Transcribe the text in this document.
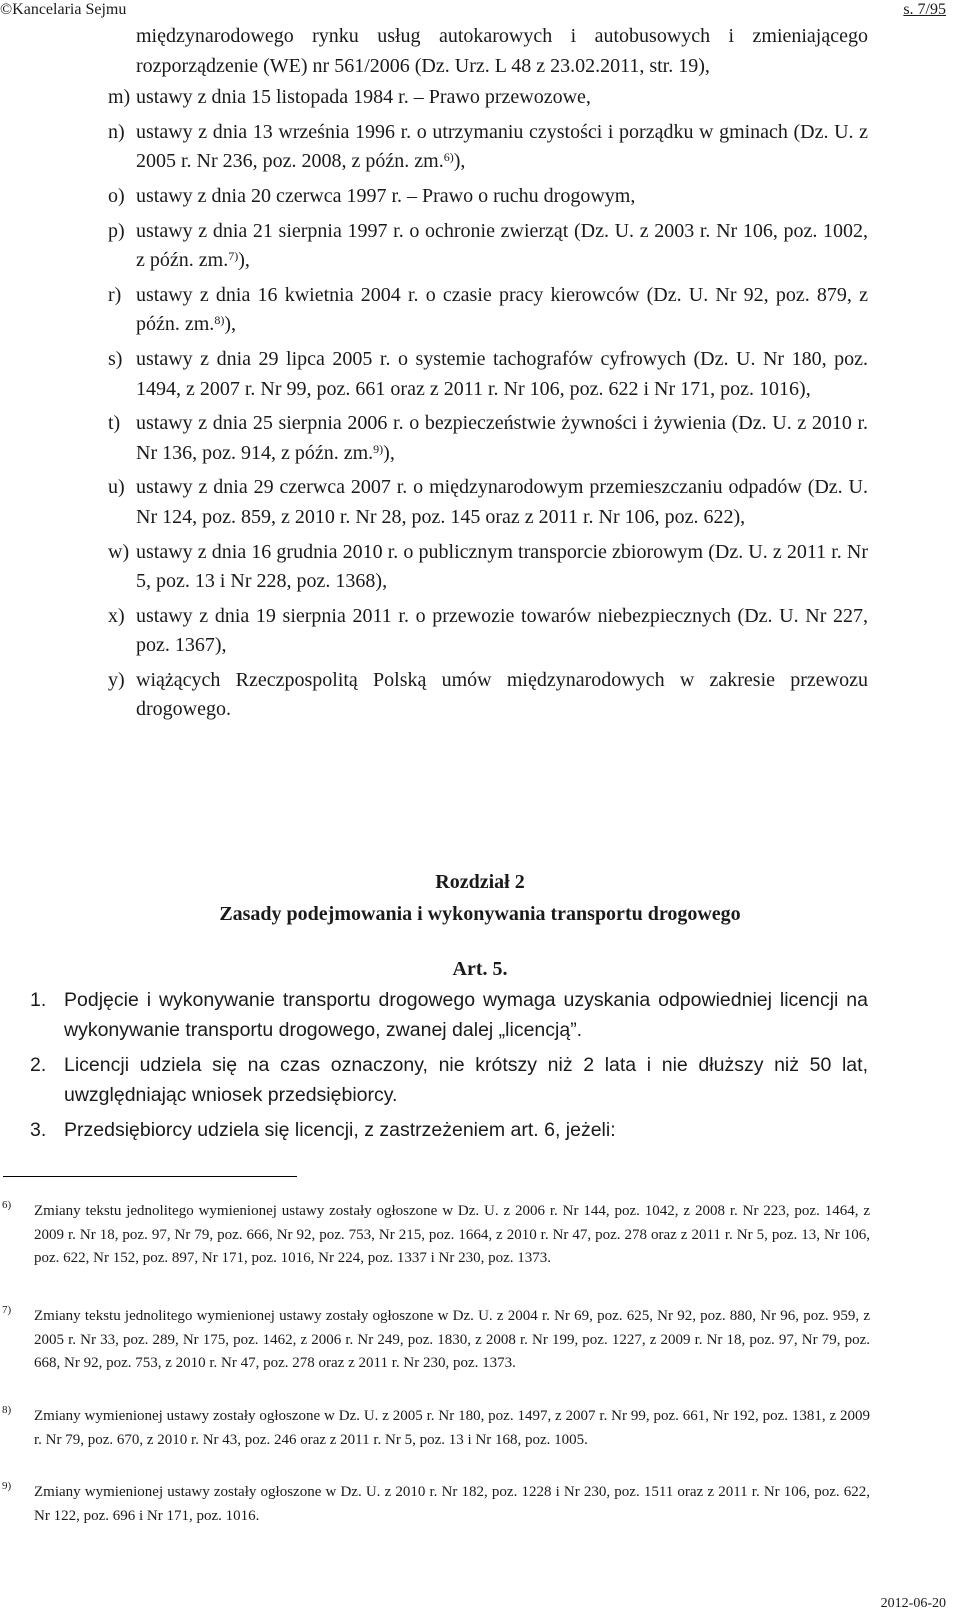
©Kancelaria Sejmu	s. 7/95
międzynarodowego rynku usług autokarowych i autobusowych i zmieniającego rozporządzenie (WE) nr 561/2006 (Dz. Urz. L 48 z 23.02.2011, str. 19),
m) ustawy z dnia 15 listopada 1984 r. – Prawo przewozowe,
n) ustawy z dnia 13 września 1996 r. o utrzymaniu czystości i porządku w gminach (Dz. U. z 2005 r. Nr 236, poz. 2008, z późn. zm.$^{6)}$),
o) ustawy z dnia 20 czerwca 1997 r. – Prawo o ruchu drogowym,
p) ustawy z dnia 21 sierpnia 1997 r. o ochronie zwierząt (Dz. U. z 2003 r. Nr 106, poz. 1002, z późn. zm.$^{7)}$),
r) ustawy z dnia 16 kwietnia 2004 r. o czasie pracy kierowców (Dz. U. Nr 92, poz. 879, z późn. zm.$^{8)}$),
s) ustawy z dnia 29 lipca 2005 r. o systemie tachografów cyfrowych (Dz. U. Nr 180, poz. 1494, z 2007 r. Nr 99, poz. 661 oraz z 2011 r. Nr 106, poz. 622 i Nr 171, poz. 1016),
t) ustawy z dnia 25 sierpnia 2006 r. o bezpieczeństwie żywności i żywienia (Dz. U. z 2010 r. Nr 136, poz. 914, z późn. zm.$^{9)}$),
u) ustawy z dnia 29 czerwca 2007 r. o międzynarodowym przemieszczaniu odpadów (Dz. U. Nr 124, poz. 859, z 2010 r. Nr 28, poz. 145 oraz z 2011 r. Nr 106, poz. 622),
w) ustawy z dnia 16 grudnia 2010 r. o publicznym transporcie zbiorowym (Dz. U. z 2011 r. Nr 5, poz. 13 i Nr 228, poz. 1368),
x) ustawy z dnia 19 sierpnia 2011 r. o przewozie towarów niebezpiecznych (Dz. U. Nr 227, poz. 1367),
y) wiążących Rzeczpospolitą Polską umów międzynarodowych w zakresie przewozu drogowego.
Rozdział 2
Zasady podejmowania i wykonywania transportu drogowego
Art. 5.
1. Podjęcie i wykonywanie transportu drogowego wymaga uzyskania odpowiedniej licencji na wykonywanie transportu drogowego, zwanej dalej „licencją”.
2. Licencji udziela się na czas oznaczony, nie krótszy niż 2 lata i nie dłuższy niż 50 lat, uwzględniając wniosek przedsiębiorcy.
3. Przedsiębiorcy udziela się licencji, z zastrzeżeniem art. 6, jeżeli:
6)	Zmiany tekstu jednolitego wymienionej ustawy zostały ogłoszone w Dz. U. z 2006 r. Nr 144, poz. 1042, z 2008 r. Nr 223, poz. 1464, z 2009 r. Nr 18, poz. 97, Nr 79, poz. 666, Nr 92, poz. 753, Nr 215, poz. 1664, z 2010 r. Nr 47, poz. 278 oraz z 2011 r. Nr 5, poz. 13, Nr 106, poz. 622, Nr 152, poz. 897, Nr 171, poz. 1016, Nr 224, poz. 1337 i Nr 230, poz. 1373.
7)	Zmiany tekstu jednolitego wymienionej ustawy zostały ogłoszone w Dz. U. z 2004 r. Nr 69, poz. 625, Nr 92, poz. 880, Nr 96, poz. 959, z 2005 r. Nr 33, poz. 289, Nr 175, poz. 1462, z 2006 r. Nr 249, poz. 1830, z 2008 r. Nr 199, poz. 1227, z 2009 r. Nr 18, poz. 97, Nr 79, poz. 668, Nr 92, poz. 753, z 2010 r. Nr 47, poz. 278 oraz z 2011 r. Nr 230, poz. 1373.
8)	Zmiany wymienionej ustawy zostały ogłoszone w Dz. U. z 2005 r. Nr 180, poz. 1497, z 2007 r. Nr 99, poz. 661, Nr 192, poz. 1381, z 2009 r. Nr 79, poz. 670, z 2010 r. Nr 43, poz. 246 oraz z 2011 r. Nr 5, poz. 13 i Nr 168, poz. 1005.
9)	Zmiany wymienionej ustawy zostały ogłoszone w Dz. U. z 2010 r. Nr 182, poz. 1228 i Nr 230, poz. 1511 oraz z 2011 r. Nr 106, poz. 622, Nr 122, poz. 696 i Nr 171, poz. 1016.
2012-06-20
